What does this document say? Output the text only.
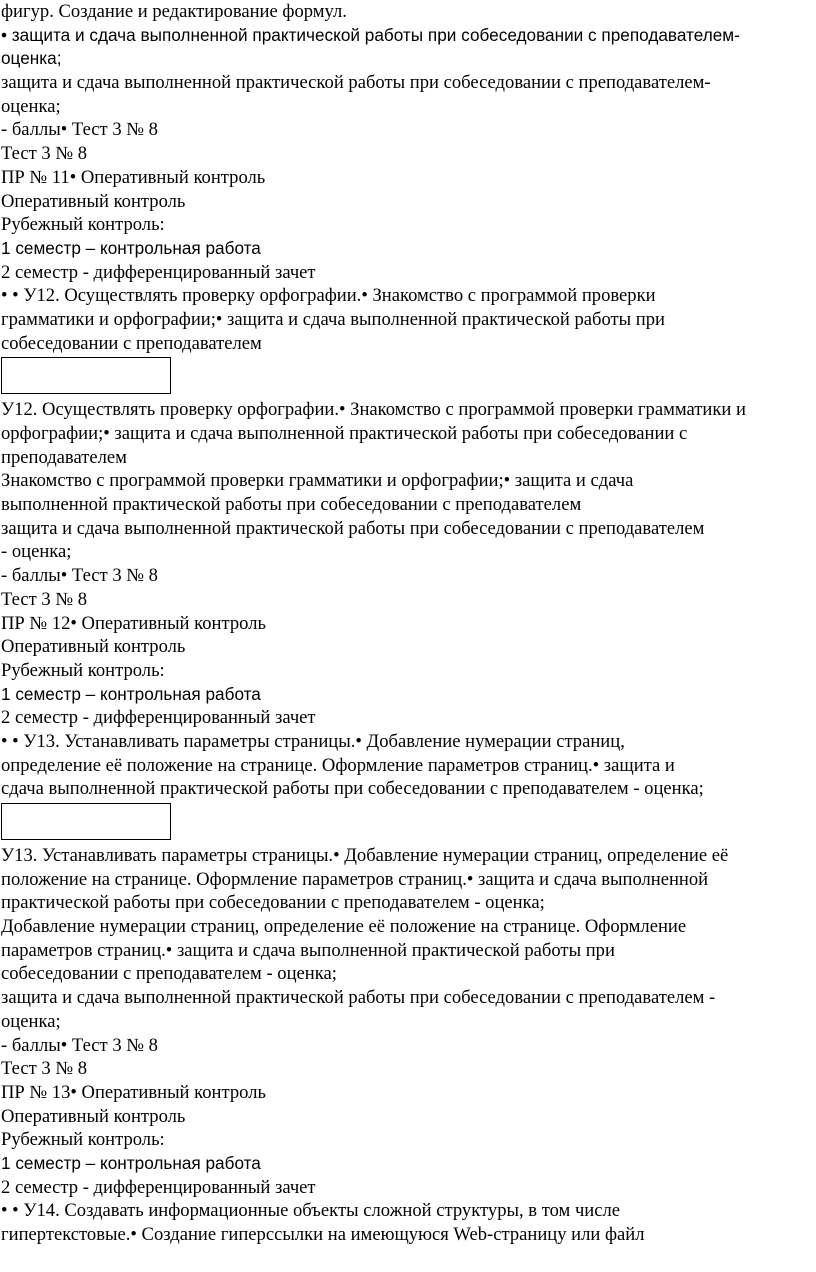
фигур. Создание и редактирование формул.
• защита и сдача выполненной практической работы при собеседовании с преподавателем-
оценка;
защита и сдача выполненной практической работы при собеседовании с преподавателем-
оценка;
- баллы• Тест 3 № 8
Тест 3 № 8
ПР № 11• Оперативный контроль
Оперативный контроль
Рубежный контроль:
1 семестр – контрольная работа
2 семестр - дифференцированный зачет
• • У12. Осуществлять проверку орфографии.• Знакомство с программой проверки
грамматики и орфографии;• защита и сдача выполненной практической работы при
собеседовании с преподавателем
У12. Осуществлять проверку орфографии.• Знакомство с программой проверки грамматики и
орфографии;• защита и сдача выполненной практической работы при собеседовании с
преподавателем
Знакомство с программой проверки грамматики и орфографии;• защита и сдача
выполненной практической работы при собеседовании с преподавателем
защита и сдача выполненной практической работы при собеседовании с преподавателем
- оценка;
- баллы• Тест 3 № 8
Тест 3 № 8
ПР № 12• Оперативный контроль
Оперативный контроль
Рубежный контроль:
1 семестр – контрольная работа
2 семестр - дифференцированный зачет
• • У13. Устанавливать параметры страницы.• Добавление нумерации страниц,
определение её положение на странице. Оформление параметров страниц.• защита и
сдача выполненной практической работы при собеседовании с преподавателем - оценка;
У13. Устанавливать параметры страницы.• Добавление нумерации страниц, определение её
положение на странице. Оформление параметров страниц.• защита и сдача выполненной
практической работы при собеседовании с преподавателем - оценка;
Добавление нумерации страниц, определение её положение на странице. Оформление
параметров страниц.• защита и сдача выполненной практической работы при
собеседовании с преподавателем - оценка;
защита и сдача выполненной практической работы при собеседовании с преподавателем -
оценка;
- баллы• Тест 3 № 8
Тест 3 № 8
ПР № 13• Оперативный контроль
Оперативный контроль
Рубежный контроль:
1 семестр – контрольная работа
2 семестр - дифференцированный зачет
• • У14. Создавать информационные объекты сложной структуры, в том числе
гипертекстовые.• Создание гиперссылки на имеющуюся Web-страницу или файл
